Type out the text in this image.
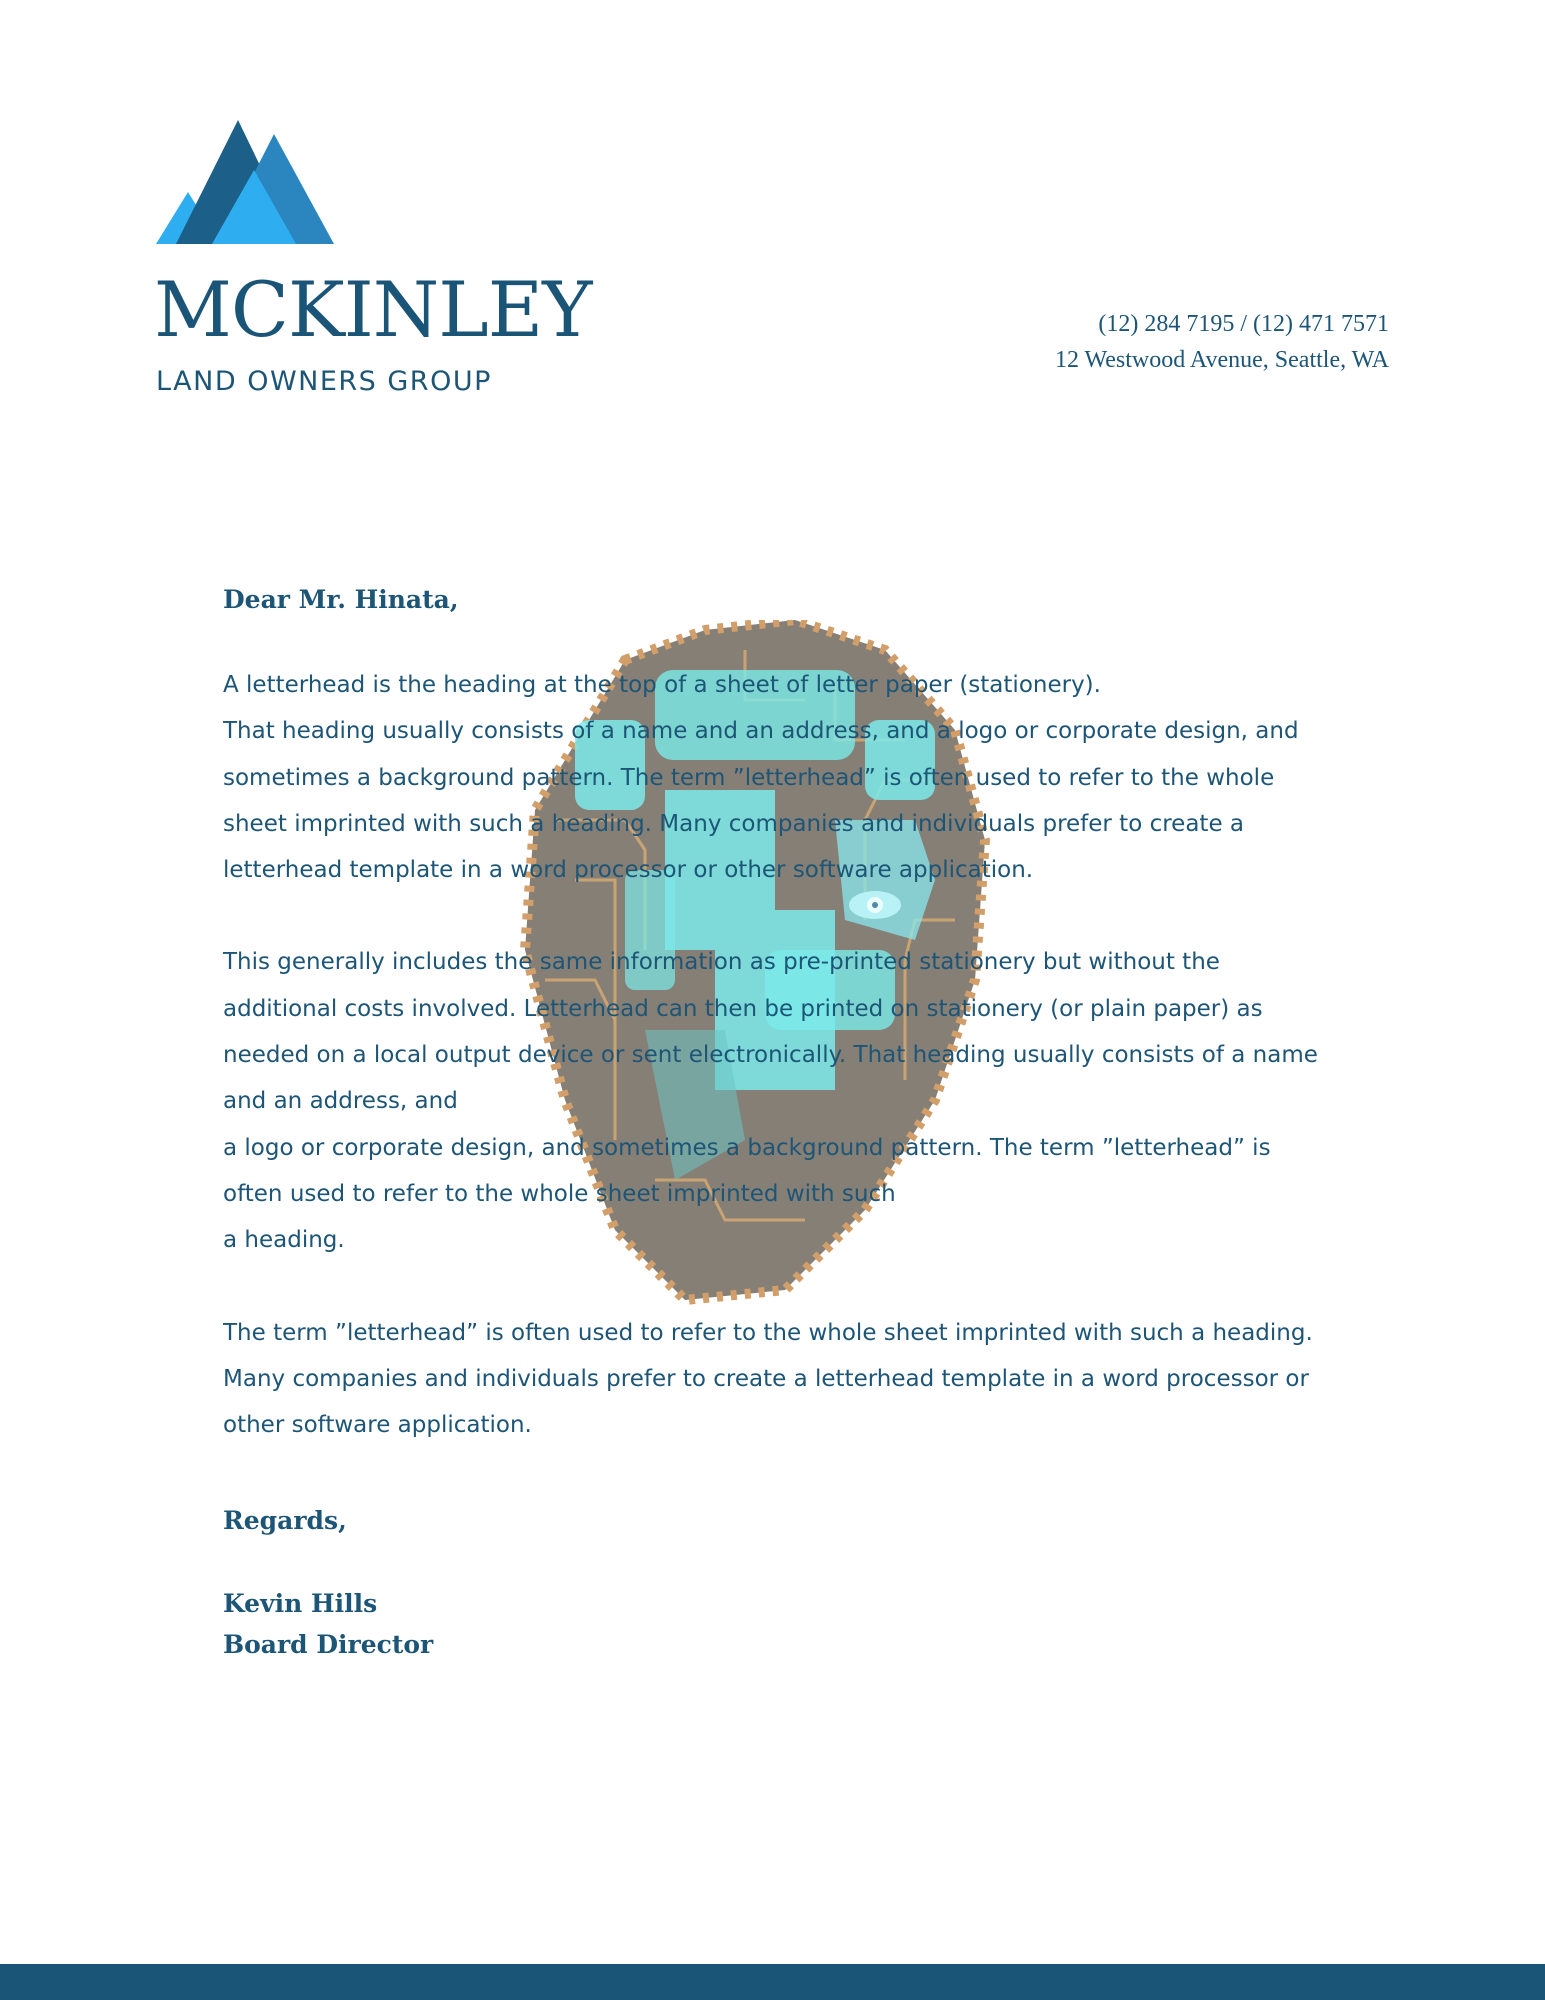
MCKINLEY
LAND OWNERS GROUP
(12) 284 7195 / (12) 471 7571
12 Westwood Avenue, Seattle, WA
Dear Mr. Hinata,
A letterhead is the heading at the top of a sheet of letter paper (stationery).
That heading usually consists of a name and an address, and a logo or corporate design, and
sometimes a background pattern. The term ”letterhead” is often used to refer to the whole
sheet imprinted with such a heading. Many companies and individuals prefer to create a
letterhead template in a word processor or other software application.
This generally includes the same information as pre-printed stationery but without the
additional costs involved. Letterhead can then be printed on stationery (or plain paper) as
needed on a local output device or sent electronically. That heading usually consists of a name
and an address, and
a logo or corporate design, and sometimes a background pattern. The term ”letterhead” is
often used to refer to the whole sheet imprinted with such
a heading.
The term ”letterhead” is often used to refer to the whole sheet imprinted with such a heading.
Many companies and individuals prefer to create a letterhead template in a word processor or
other software application.
Regards,
Kevin Hills
Board Director
